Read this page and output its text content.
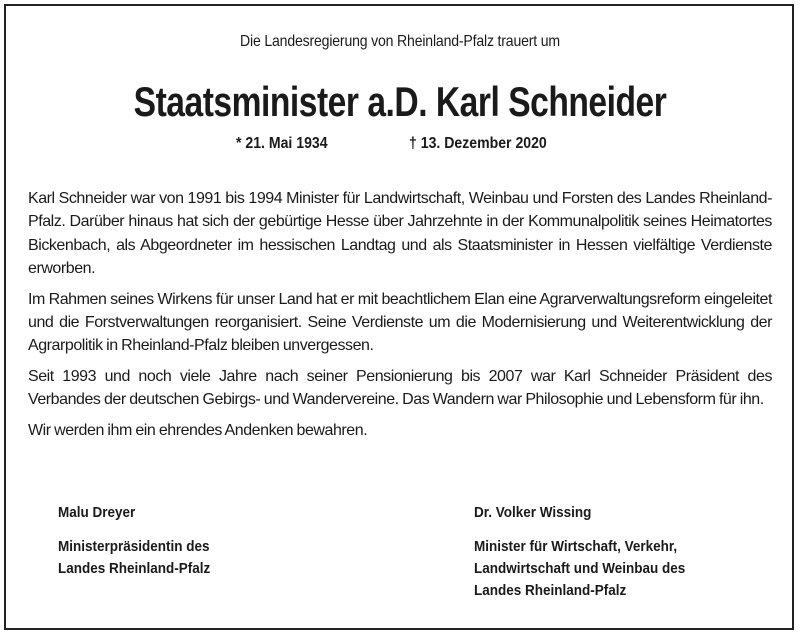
Die Landesregierung von Rheinland-Pfalz trauert um
Staatsminister a.D. Karl Schneider
* 21. Mai 1934	† 13. Dezember 2020

Karl Schneider war von 1991 bis 1994 Minister für Landwirtschaft, Weinbau und Forsten des Landes Rheinland-Pfalz. Darüber hinaus hat sich der gebürtige Hesse über Jahrzehnte in der Kommunalpolitik seines Heimatortes Bickenbach, als Abgeordneter im hessischen Landtag und als Staatsminister in Hessen vielfältige Verdienste erworben.

Im Rahmen seines Wirkens für unser Land hat er mit beachtlichem Elan eine Agrarverwaltungsreform eingeleitet und die Forstverwaltungen reorganisiert. Seine Verdienste um die Modernisierung und Weiterentwicklung der Agrarpolitik in Rheinland-Pfalz bleiben unvergessen.

Seit 1993 und noch viele Jahre nach seiner Pensionierung bis 2007 war Karl Schneider Präsident des Verbandes der deutschen Gebirgs- und Wandervereine. Das Wandern war Philosophie und Lebensform für ihn.

Wir werden ihm ein ehrendes Andenken bewahren.

Malu Dreyer
Ministerpräsidentin des
Landes Rheinland-Pfalz
Dr. Volker Wissing
Minister für Wirtschaft, Verkehr,
Landwirtschaft und Weinbau des
Landes Rheinland-Pfalz
